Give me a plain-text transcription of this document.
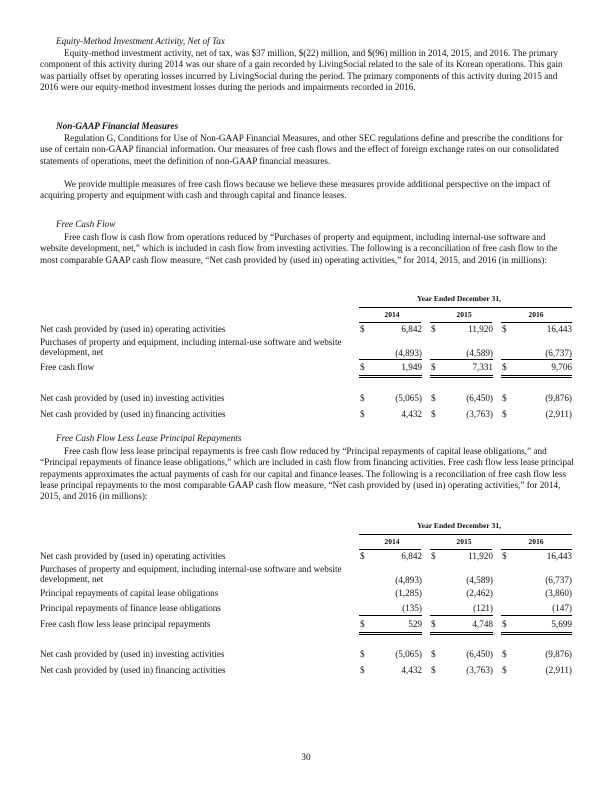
Equity-Method Investment Activity, Net of Tax

Equity-method investment activity, net of tax, was $37 million, $(22) million, and $(96) million in 2014, 2015, and 2016. The primary component of this activity during 2014 was our share of a gain recorded by LivingSocial related to the sale of its Korean operations. This gain was partially offset by operating losses incurred by LivingSocial during the period. The primary components of this activity during 2015 and 2016 were our equity-method investment losses during the periods and impairments recorded in 2016.

Non-GAAP Financial Measures

Regulation G, Conditions for Use of Non-GAAP Financial Measures, and other SEC regulations define and prescribe the conditions for use of certain non-GAAP financial information. Our measures of free cash flows and the effect of foreign exchange rates on our consolidated statements of operations, meet the definition of non-GAAP financial measures.

We provide multiple measures of free cash flows because we believe these measures provide additional perspective on the impact of acquiring property and equipment with cash and through capital and finance leases.

Free Cash Flow

Free cash flow is cash flow from operations reduced by “Purchases of property and equipment, including internal-use software and website development, net,” which is included in cash flow from investing activities. The following is a reconciliation of free cash flow to the most comparable GAAP cash flow measure, “Net cash provided by (used in) operating activities,” for 2014, 2015, and 2016 (in millions):

Year Ended December 31,
2014	2015	2016
Net cash provided by (used in) operating activities	$	6,842 $	11,920 $	16,443
Purchases of property and equipment, including internal-use software and website development, net	(4,893)	(4,589)	(6,737)
Free cash flow	$	1,949 $	7,331 $	9,706
Net cash provided by (used in) investing activities	$	(5,065) $	(6,450) $	(9,876)
Net cash provided by (used in) financing activities	$	4,432 $	(3,763) $	(2,911)
Free Cash Flow Less Lease Principal Repayments

Free cash flow less lease principal repayments is free cash flow reduced by “Principal repayments of capital lease obligations,” and “Principal repayments of finance lease obligations,” which are included in cash flow from financing activities. Free cash flow less lease principal repayments approximates the actual payments of cash for our capital and finance leases. The following is a reconciliation of free cash flow less lease principal repayments to the most comparable GAAP cash flow measure, “Net cash provided by (used in) operating activities,” for 2014, 2015, and 2016 (in millions):

Year Ended December 31,
2014	2015	2016
Net cash provided by (used in) operating activities	$	6,842 $	11,920 $	16,443
Purchases of property and equipment, including internal-use software and website development, net	(4,893)	(4,589)	(6,737)
Principal repayments of capital lease obligations	(1,285)	(2,462)	(3,860)
Principal repayments of finance lease obligations	(135)	(121)	(147)
Free cash flow less lease principal repayments	$	529 $	4,748 $	5,699
Net cash provided by (used in) investing activities	$	(5,065) $	(6,450) $	(9,876)
Net cash provided by (used in) financing activities	$	4,432 $	(3,763) $	(2,911)
30
